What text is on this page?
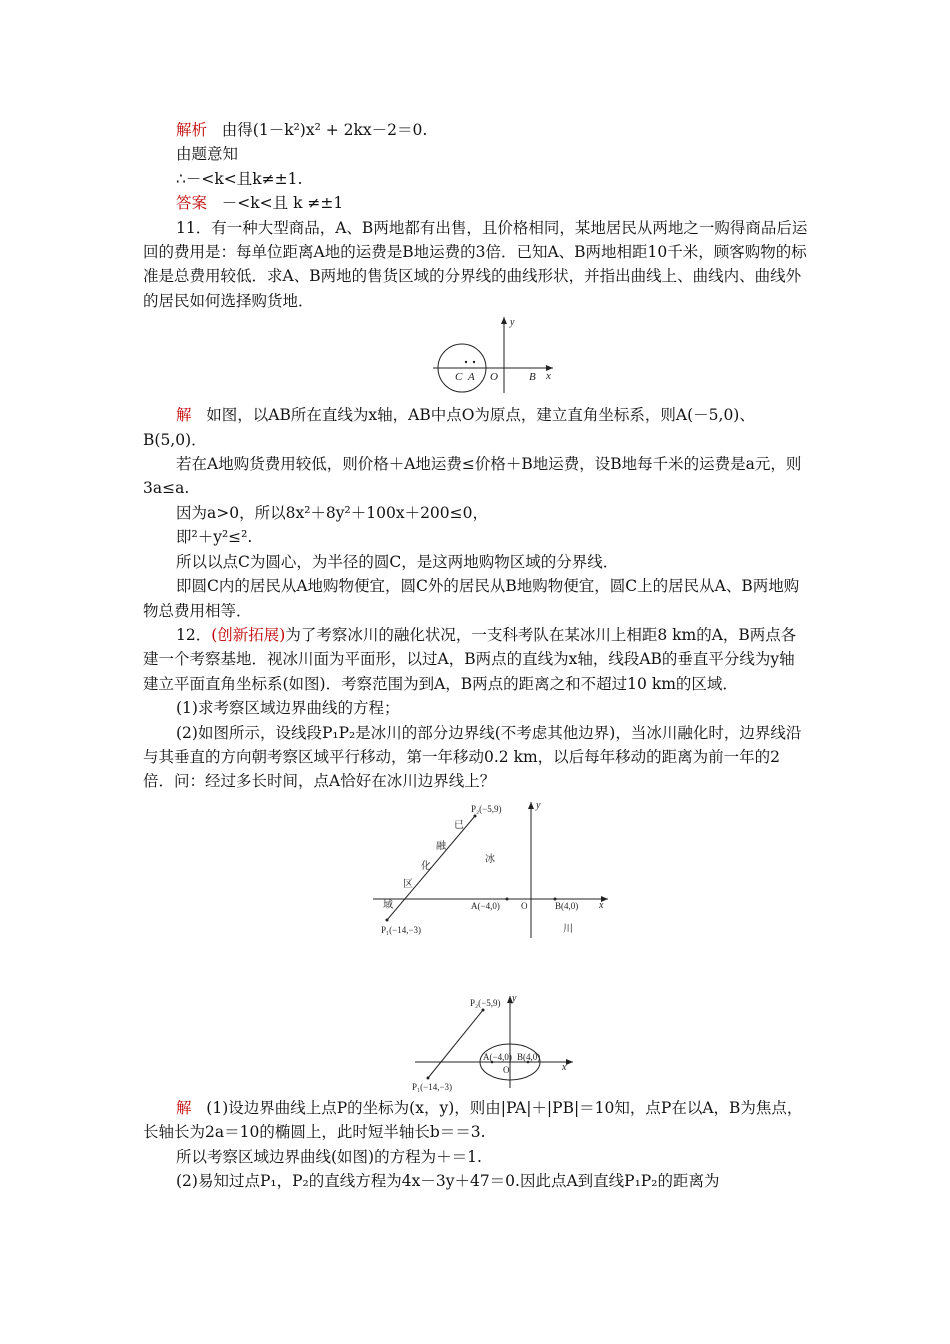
解析 由得(1－k²)x² + 2kx－2＝0.

由题意知

∴－<k<且k≠±1.

答案 －<k<且 k ≠±1

11．有一种大型商品，A、B两地都有出售，且价格相同，某地居民从两地之一购得商品后运回的费用是：每单位距离A地的运费是B地运费的3倍．已知A、B两地相距10千米，顾客购物的标准是总费用较低．求A、B两地的售货区域的分界线的曲线形状，并指出曲线上、曲线内、曲线外的居民如何选择购货地．

y
x
C A O	B

解 如图，以AB所在直线为x轴，AB中点O为原点，建立直角坐标系，则A(－5,0)、B(5,0)．

若在A地购货费用较低，则价格＋A地运费≤价格＋B地运费，设B地每千米的运费是a元，则3a≤a.

因为a>0，所以8x²＋8y²＋100x＋200≤0，

即²＋y²≤².

所以以点C为圆心，为半径的圆C，是这两地购物区域的分界线．

即圆C内的居民从A地购物便宜，圆C外的居民从B地购物便宜，圆C上的居民从A、B两地购物总费用相等．

12．(创新拓展)为了考察冰川的融化状况，一支科考队在某冰川上相距8 km的A，B两点各建一个考察基地．视冰川面为平面形，以过A，B两点的直线为x轴，线段AB的垂直平分线为y轴建立平面直角坐标系(如图)．考察范围为到A，B两点的距离之和不超过10 km的区域．

(1)求考察区域边界曲线的方程；

(2)如图所示，设线段P₁P₂是冰川的部分边界线(不考虑其他边界)，当冰川融化时，边界线沿与其垂直的方向朝考察区域平行移动，第一年移动0.2 km，以后每年移动的距离为前一年的2倍．问：经过多长时间，点A恰好在冰川边界线上？

P₂(−5,9)
P₁(−14,−3)
y
x
A(−4,0) O	B(4,0)
已
融
化
区
域
冰
川
P₂(−5,9)
P₁(−14,−3)
y
x
A(−4,0) B(4,0)
O

解 (1)设边界曲线上点P的坐标为(x，y)，则由|PA|＋|PB|＝10知，点P在以A，B为焦点，长轴长为2a＝10的椭圆上，此时短半轴长b＝＝3.

所以考察区域边界曲线(如图)的方程为＋＝1.

(2)易知过点P₁，P₂的直线方程为4x－3y＋47＝0.因此点A到直线P₁P₂的距离为
